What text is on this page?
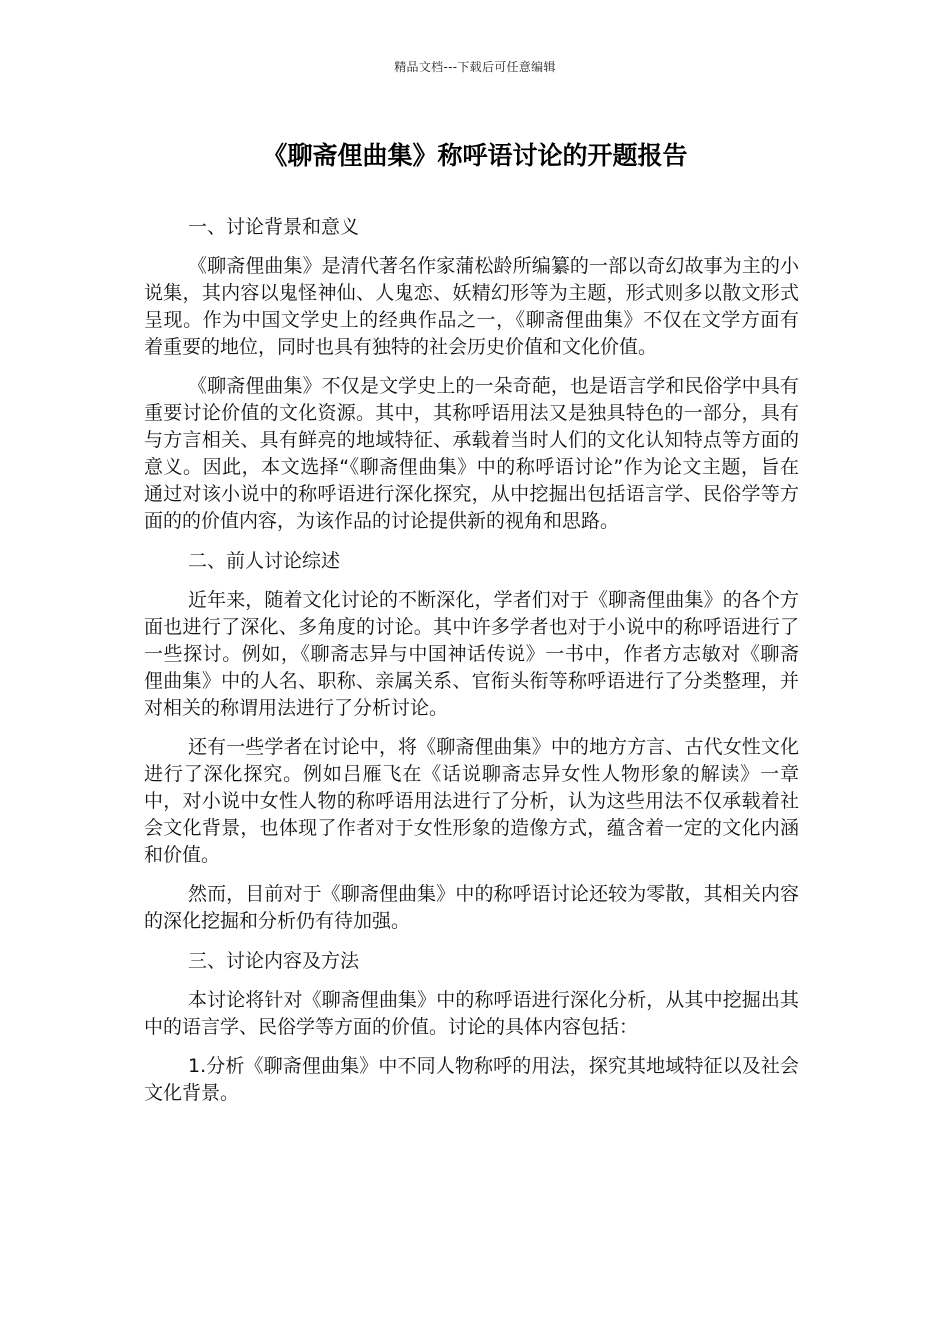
精品文档---下载后可任意编辑
《聊斋俚曲集》称呼语讨论的开题报告

一、讨论背景和意义

《聊斋俚曲集》是清代著名作家蒲松龄所编纂的一部以奇幻故事为主的小说集，其内容以鬼怪神仙、人鬼恋、妖精幻形等为主题，形式则多以散文形式呈现。作为中国文学史上的经典作品之一，《聊斋俚曲集》不仅在文学方面有着重要的地位，同时也具有独特的社会历史价值和文化价值。

《聊斋俚曲集》不仅是文学史上的一朵奇葩，也是语言学和民俗学中具有重要讨论价值的文化资源。其中，其称呼语用法又是独具特色的一部分，具有与方言相关、具有鲜亮的地域特征、承载着当时人们的文化认知特点等方面的意义。因此，本文选择“《聊斋俚曲集》中的称呼语讨论”作为论文主题，旨在通过对该小说中的称呼语进行深化探究，从中挖掘出包括语言学、民俗学等方面的的价值内容，为该作品的讨论提供新的视角和思路。

二、前人讨论综述

近年来，随着文化讨论的不断深化，学者们对于《聊斋俚曲集》的各个方面也进行了深化、多角度的讨论。其中许多学者也对于小说中的称呼语进行了一些探讨。例如，《聊斋志异与中国神话传说》一书中，作者方志敏对《聊斋俚曲集》中的人名、职称、亲属关系、官衔头衔等称呼语进行了分类整理，并对相关的称谓用法进行了分析讨论。

还有一些学者在讨论中，将《聊斋俚曲集》中的地方方言、古代女性文化进行了深化探究。例如吕雁飞在《话说聊斋志异女性人物形象的解读》一章中，对小说中女性人物的称呼语用法进行了分析，认为这些用法不仅承载着社会文化背景，也体现了作者对于女性形象的造像方式，蕴含着一定的文化内涵和价值。

然而，目前对于《聊斋俚曲集》中的称呼语讨论还较为零散，其相关内容的深化挖掘和分析仍有待加强。

三、讨论内容及方法

本讨论将针对《聊斋俚曲集》中的称呼语进行深化分析，从其中挖掘出其中的语言学、民俗学等方面的价值。讨论的具体内容包括：

1.分析《聊斋俚曲集》中不同人物称呼的用法，探究其地域特征以及社会文化背景。
